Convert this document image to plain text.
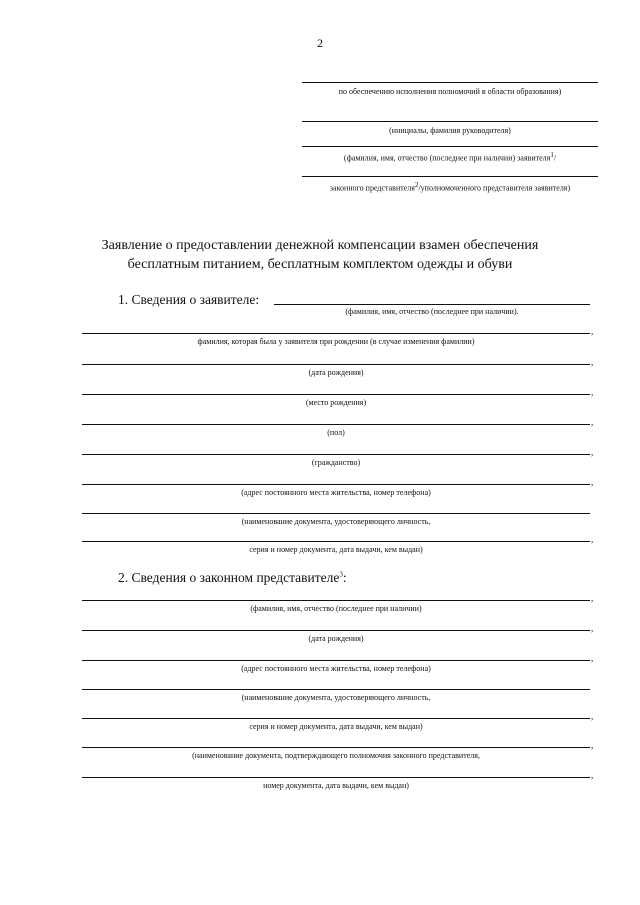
2
по обеспечению исполнения полномочий в области образования)
(инициалы, фамилия руководителя)
(фамилия, имя, отчество (последнее при наличии) заявителя$^1$/
законного представителя$^2$/уполномоченного представителя заявителя)
Заявление о предоставлении денежной компенсации взамен обеспечения
бесплатным питанием, бесплатным комплектом одежды и обуви
1. Сведения о заявителе:
(фамилия, имя, отчество (последнее при наличии).
,
фамилия, которая была у заявителя при рождении (в случае изменения фамилии)
,
(дата рождения)
,
(место рождения)
,
(пол)
,
(гражданство)
,
(адрес постоянного места жительства, номер телефона)
(наименование документа, удостоверяющего личность,
,
серия и номер документа, дата выдачи, кем выдан)
2. Сведения о законном представителе$^3$:
,
(фамилия, имя, отчество (последнее при наличии)
,
(дата рождения)
,
(адрес постоянного места жительства, номер телефона)
(наименование документа, удостоверяющего личность,
,
серия и номер документа, дата выдачи, кем выдан)
,
(наименование документа, подтверждающего полномочия законного представителя,
,
номер документа, дата выдачи, кем выдан)
